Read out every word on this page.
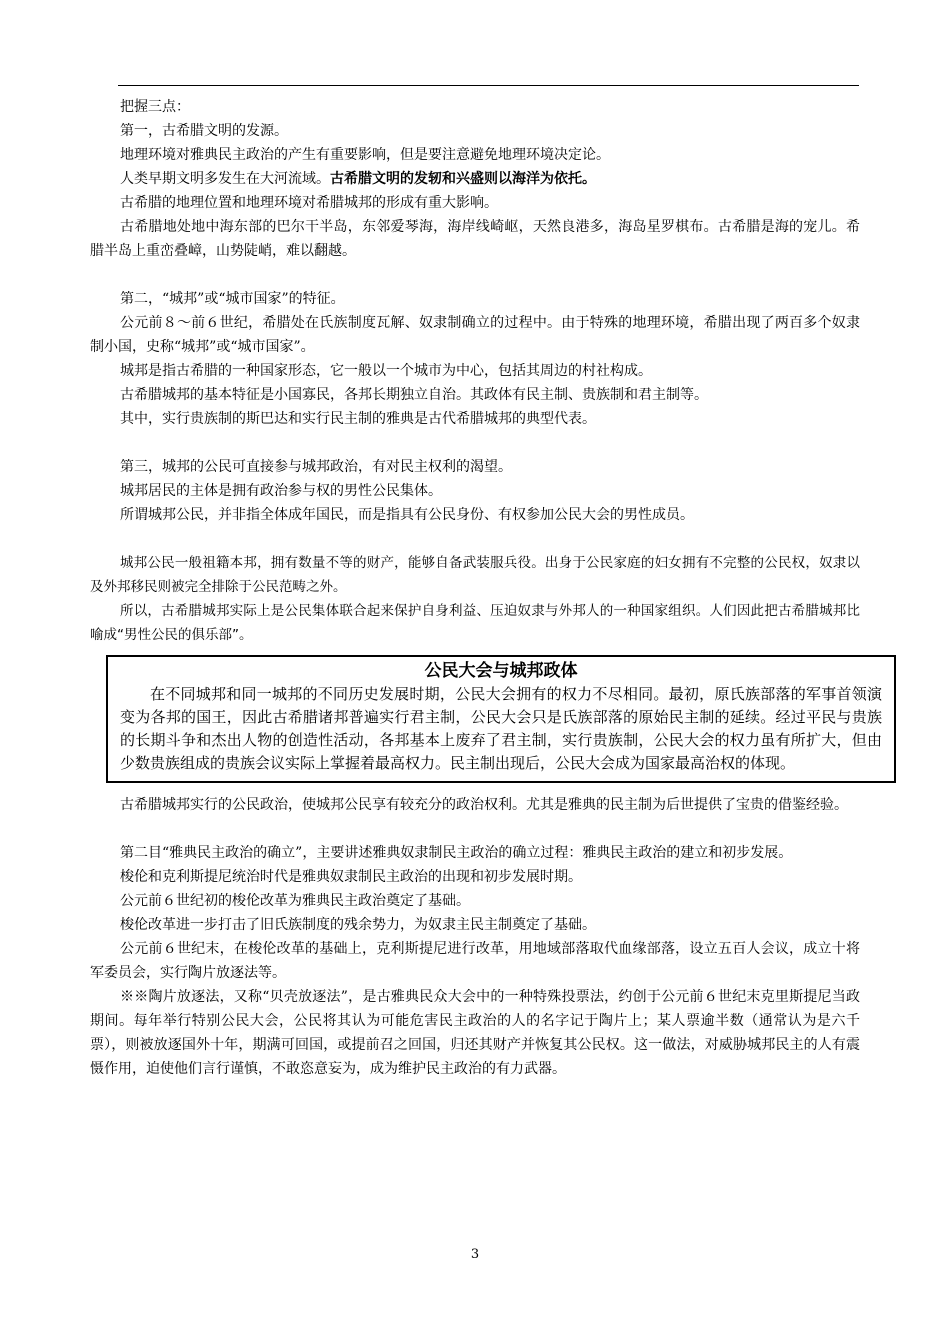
把握三点：

第一，古希腊文明的发源。

地理环境对雅典民主政治的产生有重要影响，但是要注意避免地理环境决定论。

人类早期文明多发生在大河流域。古希腊文明的发轫和兴盛则以海洋为依托。

古希腊的地理位置和地理环境对希腊城邦的形成有重大影响。

古希腊地处地中海东部的巴尔干半岛，东邻爱琴海，海岸线崎岖，天然良港多，海岛星罗棋布。古希腊是海的宠儿。希腊半岛上重峦叠嶂，山势陡峭，难以翻越。

第二，“城邦”或“城市国家”的特征。

公元前８～前６世纪，希腊处在氏族制度瓦解、奴隶制确立的过程中。由于特殊的地理环境，希腊出现了两百多个奴隶制小国，史称“城邦”或“城市国家”。

城邦是指古希腊的一种国家形态，它一般以一个城市为中心，包括其周边的村社构成。

古希腊城邦的基本特征是小国寡民，各邦长期独立自治。其政体有民主制、贵族制和君主制等。

其中，实行贵族制的斯巴达和实行民主制的雅典是古代希腊城邦的典型代表。

第三，城邦的公民可直接参与城邦政治，有对民主权利的渴望。

城邦居民的主体是拥有政治参与权的男性公民集体。

所谓城邦公民，并非指全体成年国民，而是指具有公民身份、有权参加公民大会的男性成员。

城邦公民一般祖籍本邦，拥有数量不等的财产，能够自备武装服兵役。出身于公民家庭的妇女拥有不完整的公民权，奴隶以及外邦移民则被完全排除于公民范畴之外。

所以，古希腊城邦实际上是公民集体联合起来保护自身利益、压迫奴隶与外邦人的一种国家组织。人们因此把古希腊城邦比喻成“男性公民的俱乐部”。

公民大会与城邦政体
在不同城邦和同一城邦的不同历史发展时期，公民大会拥有的权力不尽相同。最初，原氏族部落的军事首领演变为各邦的国王，因此古希腊诸邦普遍实行君主制，公民大会只是氏族部落的原始民主制的延续。经过平民与贵族的长期斗争和杰出人物的创造性活动，各邦基本上废弃了君主制，实行贵族制，公民大会的权力虽有所扩大，但由少数贵族组成的贵族会议实际上掌握着最高权力。民主制出现后，公民大会成为国家最高治权的体现。

古希腊城邦实行的公民政治，使城邦公民享有较充分的政治权利。尤其是雅典的民主制为后世提供了宝贵的借鉴经验。

第二目“雅典民主政治的确立”，主要讲述雅典奴隶制民主政治的确立过程：雅典民主政治的建立和初步发展。

梭伦和克利斯提尼统治时代是雅典奴隶制民主政治的出现和初步发展时期。

公元前６世纪初的梭伦改革为雅典民主政治奠定了基础。

梭伦改革进一步打击了旧氏族制度的残余势力，为奴隶主民主制奠定了基础。

公元前６世纪末，在梭伦改革的基础上，克利斯提尼进行改革，用地域部落取代血缘部落，设立五百人会议，成立十将军委员会，实行陶片放逐法等。

※※陶片放逐法，又称“贝壳放逐法”，是古雅典民众大会中的一种特殊投票法，约创于公元前６世纪末克里斯提尼当政期间。每年举行特别公民大会，公民将其认为可能危害民主政治的人的名字记于陶片上；某人票逾半数（通常认为是六千票），则被放逐国外十年，期满可回国，或提前召之回国，归还其财产并恢复其公民权。这一做法，对威胁城邦民主的人有震慑作用，迫使他们言行谨慎，不敢恣意妄为，成为维护民主政治的有力武器。

3
